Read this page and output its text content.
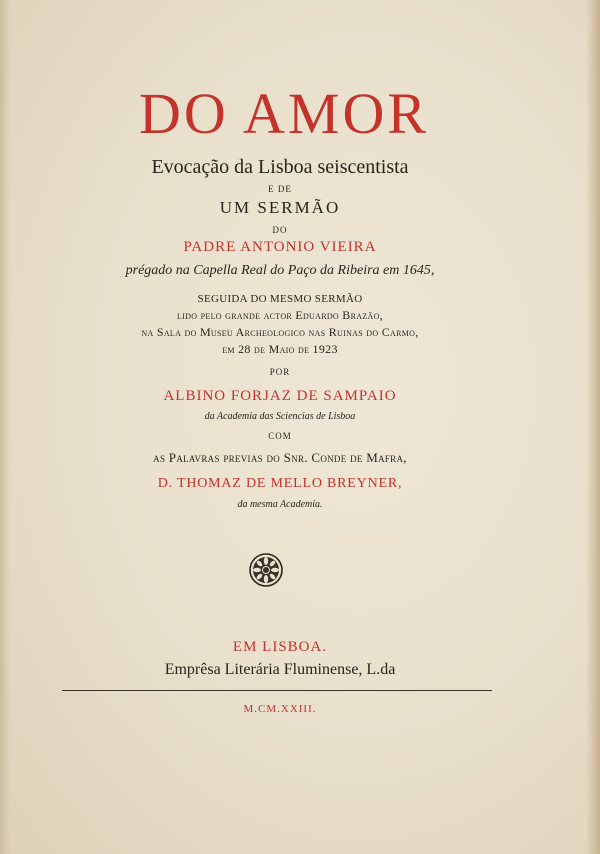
DO AMOR
Evocação da Lisboa seiscentista
E DE
UM SERMÃO
DO
PADRE ANTONIO VIEIRA
prégado na Capella Real do Paço da Ribeira em 1645,
SEGUIDA DO MESMO SERMÃO
lido pelo grande actor Eduardo Brazão,
na Sala do Museu Archeologico nas Ruinas do Carmo,
em 28 de Maio de 1923
POR
ALBINO FORJAZ DE SAMPAIO
da Academia das Sciencias de Lisboa
COM
as Palavras previas do Snr. Conde de Mafra,
D. THOMAZ DE MELLO BREYNER,
da mesma Academia.
EM LISBOA.
Emprêsa Literária Fluminense, L.da
M.CM.XXIII.
